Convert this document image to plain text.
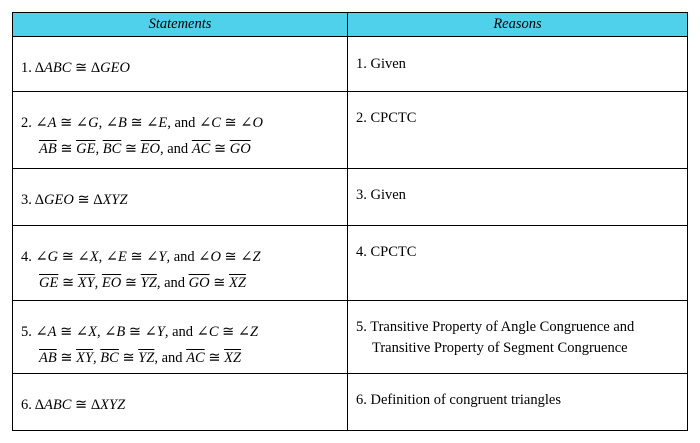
Statements	Reasons

1. ΔABC ≅ ΔGEO	1. Given

2. ∠A ≅ ∠G, ∠B ≅ ∠E, and ∠C ≅ ∠O
$\overline{AB}$ ≅ $\overline{GE}$, $\overline{BC}$ ≅ $\overline{EO}$, and $\overline{AC}$ ≅ $\overline{GO}$	2. CPCTC

3. ΔGEO ≅ ΔXYZ	3. Given

4. ∠G ≅ ∠X, ∠E ≅ ∠Y, and ∠O ≅ ∠Z
$\overline{GE}$ ≅ $\overline{XY}$, $\overline{EO}$ ≅ $\overline{YZ}$, and $\overline{GO}$ ≅ $\overline{XZ}$	4. CPCTC

5. ∠A ≅ ∠X, ∠B ≅ ∠Y, and ∠C ≅ ∠Z
$\overline{AB}$ ≅ $\overline{XY}$, $\overline{BC}$ ≅ $\overline{YZ}$, and $\overline{AC}$ ≅ $\overline{XZ}$	5. Transitive Property of Angle Congruence and
Transitive Property of Segment Congruence

6. ΔABC ≅ ΔXYZ	6. Definition of congruent triangles
